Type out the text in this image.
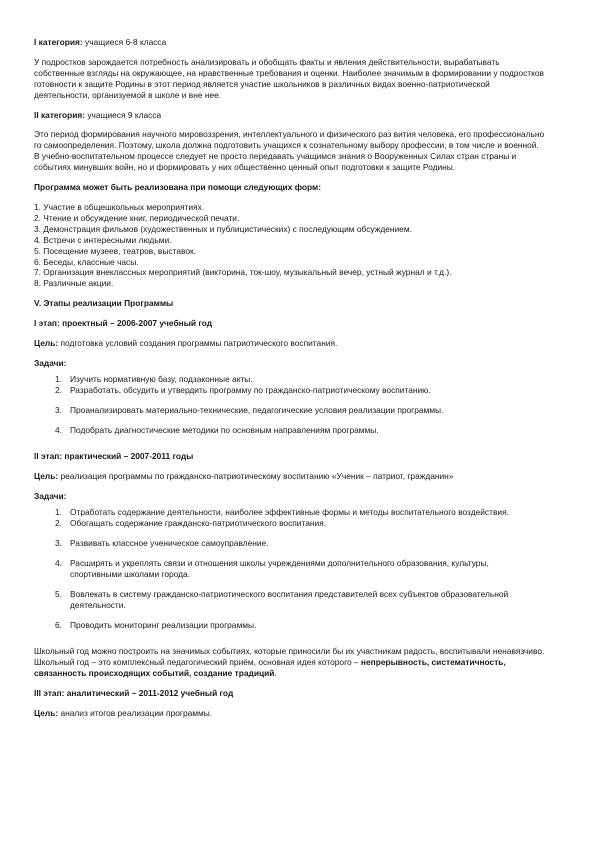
I категория: учащиеся 6-8 класса

У подростков зарождается потребность анализировать и обобщать факты и явления действительности, вырабатывать собственные взгляды на окружающее, на нравственные требования и оценки. Наиболее значимым в формировании у подростков готовности к защите Родины в этот период является участие школьников в различных видах военно-патриотической деятельности, организуемой в школе и вне нее.

II категория: учащиеся 9 класса

Это период формирования научного мировоззрения, интеллектуального и физического раз вития человека, его профессионально го самоопределения. Поэтому, школа должна подготовить учащихся к сознательному выбору профессии, в том числе и военной. В учебно-воспитательном процессе следует не просто передавать учащимся знания о Вооруженных Силах стран страны и событиях минувших войн, но и формировать у них общественно ценный опыт подготовки к защите Родины.

Программа может быть реализована при помощи следующих форм:

1. Участие в общешкольных мероприятиях.
2. Чтение и обсуждение книг, периодической печати.
3. Демонстрация фильмов (художественных и публицистических) с последующим обсуждением.
4. Встречи с интересными людьми.
5. Посещение музеев, театров, выставок.
6. Беседы, классные часы.
7. Организация внеклассных мероприятий (викторина, ток-шоу, музыкальный вечер, устный журнал и т.д.).
8. Различные акции.

V. Этапы реализации Программы

I этап: проектный – 2006-2007 учебный год

Цель: подготовка условий создания программы патриотического воспитания.

Задачи:

1. Изучить нормативную базу, подзаконные акты.
2. Разработать, обсудить и утвердить программу по гражданско-патриотическому воспитанию.
3. Проанализировать материально-технические, педагогические условия реализации программы.
4. Подобрать диагностические методики по основным направлениям программы.

II этап: практический – 2007-2011 годы

Цель: реализация программы по гражданско-патриотическому воспитанию «Ученик – патриот, гражданин»

Задачи:

1. Отработать содержание деятельности, наиболее эффективные формы и методы воспитательного воздействия.
2. Обогащать содержание гражданско-патриотического воспитания.
3. Развивать классное ученическое самоуправление.
4. Расширять и укреплять связи и отношения школы учреждениями дополнительного образования, культуры, спортивными школами города.
5. Вовлекать в систему гражданско-патриотического воспитания представителей всех субъектов образовательной деятельности.
6. Проводить мониторинг реализации программы.

Школьный год можно построить на значимых событиях, которые приносили бы их участникам радость, воспитывали ненавязчиво. Школьный год – это комплексный педагогический приём, основная идея которого – непрерывность, систематичность, связанность происходящих событий, создание традиций.

III этап: аналитический – 2011-2012 учебный год

Цель: анализ итогов реализации программы.
